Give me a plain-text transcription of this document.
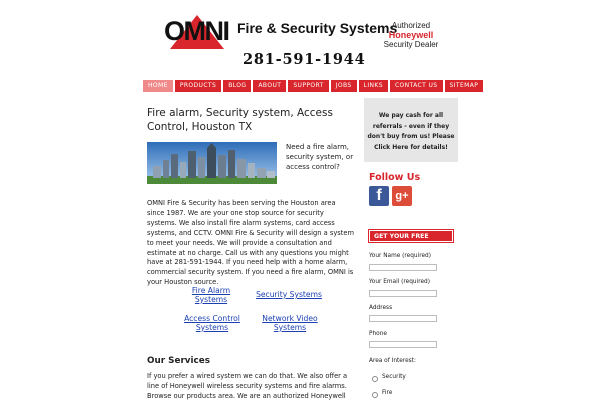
OMNI Fire & Security Systems
281-591-1944
Authorized
Honeywell
Security Dealer
HOME	PRODUCTS	BLOG	ABOUT	SUPPORT	JOBS	LINKS	CONTACT US	SITEMAP
Fire alarm, Security system, Access Control, Houston TX
Need a fire alarm, security system, or access control?

OMNI Fire & Security has been serving the Houston area since 1987. We are your one stop source for security systems. We also install fire alarm systems, card access systems, and CCTV. OMNI Fire & Security will design a system to meet your needs. We will provide a consultation and estimate at no charge. Call us with any questions you might have at 281-591-1944. If you need help with a home alarm, commercial security system. If you need a fire alarm, OMNI is your Houston source.

Fire Alarm Systems
Security Systems
Access Control Systems
Network Video Systems
Our Services

If you prefer a wired system we can do that. We also offer a line of Honeywell wireless security systems and fire alarms. Browse our products area. We are an authorized Honeywell

We pay cash for all referrals - even if they don't buy from us! Please Click Here for details!
Follow Us
f	g+
GET YOUR FREE QUOTE
Your Name (required)
Your Email (required)
Address
Phone
Area of Interest:
Security
Fire
